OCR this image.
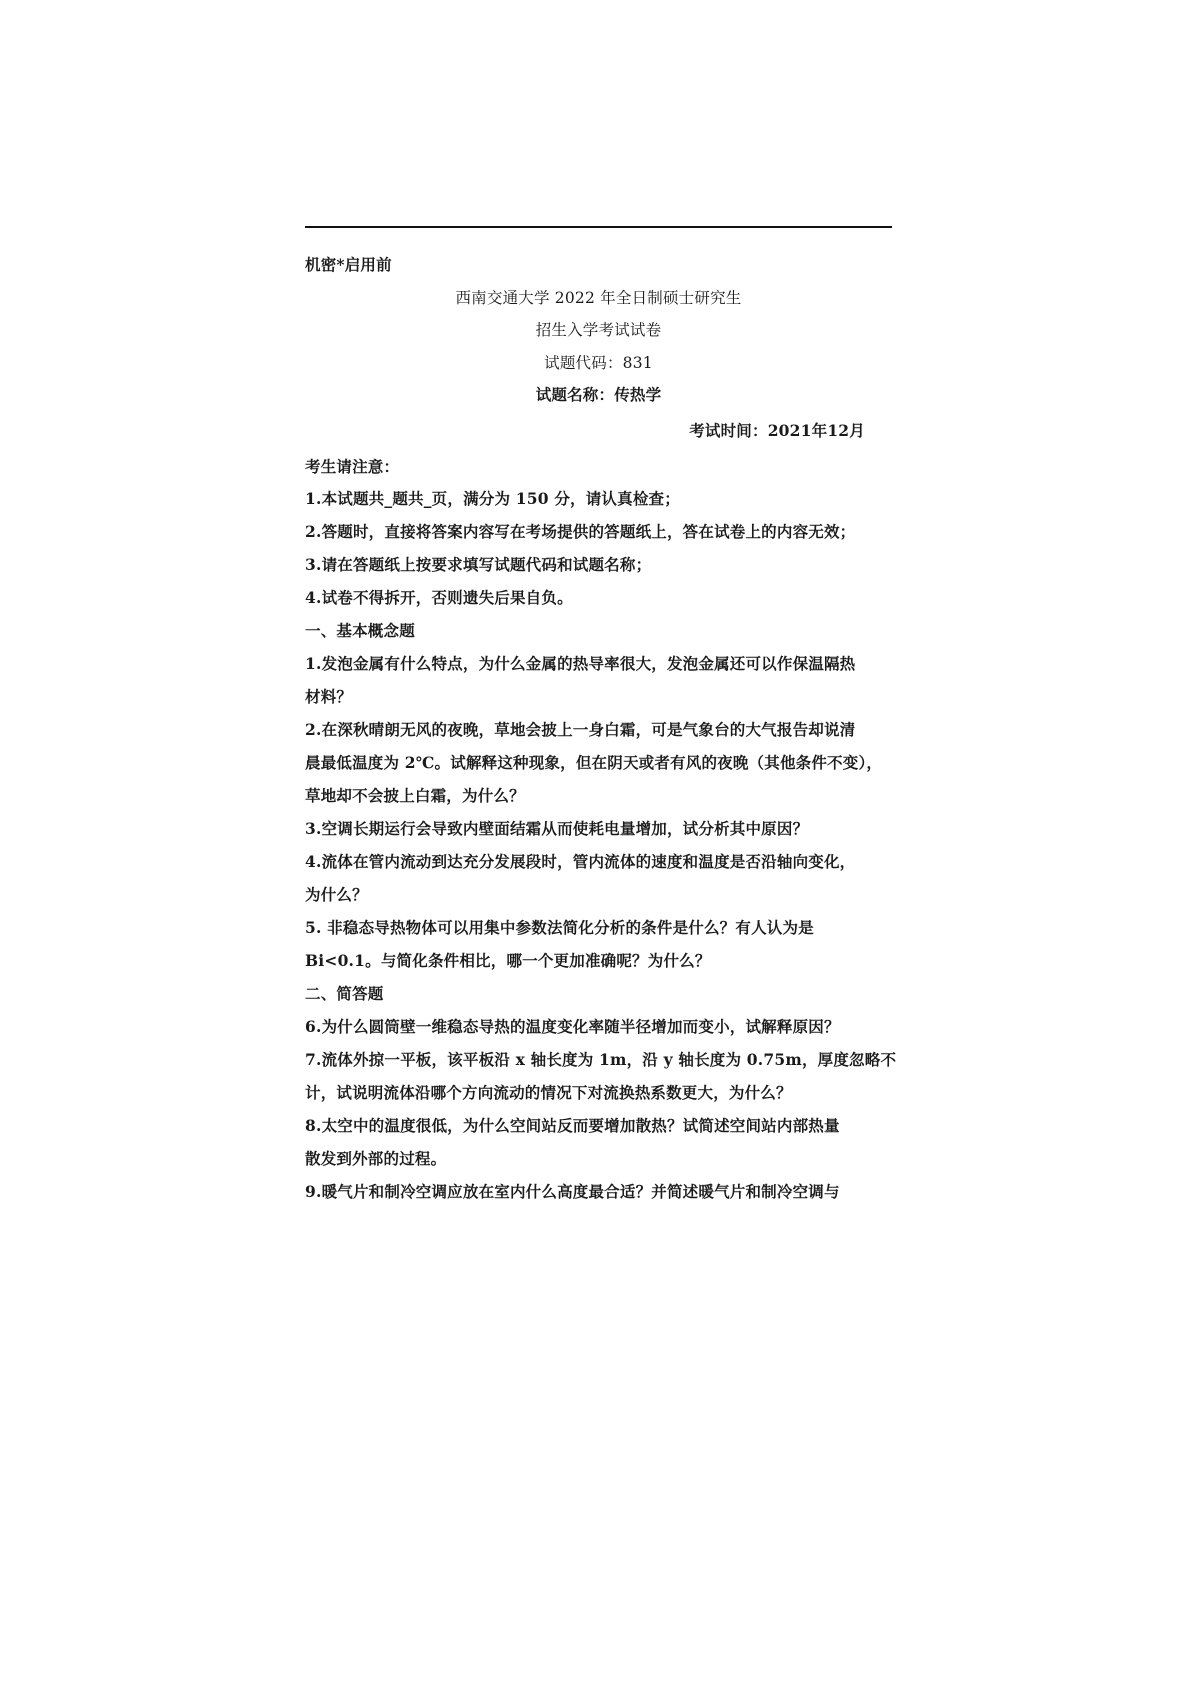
机密*启用前
西南交通大学 2022 年全日制硕士研究生
招生入学考试试卷
试题代码：831
试题名称：传热学
考试时间：2021年12月
考生请注意：
1.本试题共_题共_页，满分为 150 分，请认真检查；
2.答题时，直接将答案内容写在考场提供的答题纸上，答在试卷上的内容无效；
3.请在答题纸上按要求填写试题代码和试题名称；
4.试卷不得拆开，否则遗失后果自负。
一、基本概念题
1.发泡金属有什么特点，为什么金属的热导率很大，发泡金属还可以作保温隔热
材料？
2.在深秋晴朗无风的夜晚，草地会披上一身白霜，可是气象台的大气报告却说清
晨最低温度为 2℃。试解释这种现象，但在阴天或者有风的夜晚（其他条件不变），
草地却不会披上白霜，为什么？
3.空调长期运行会导致内壁面结霜从而使耗电量增加，试分析其中原因？
4.流体在管内流动到达充分发展段时，管内流体的速度和温度是否沿轴向变化，
为什么？
5. 非稳态导热物体可以用集中参数法简化分析的条件是什么？有人认为是
Bi<0.1。与简化条件相比，哪一个更加准确呢？为什么？
二、简答题
6.为什么圆筒壁一维稳态导热的温度变化率随半径增加而变小，试解释原因？
7.流体外掠一平板，该平板沿 x 轴长度为 1m，沿 y 轴长度为 0.75m，厚度忽略不
计，试说明流体沿哪个方向流动的情况下对流换热系数更大，为什么？
8.太空中的温度很低，为什么空间站反而要增加散热？试简述空间站内部热量
散发到外部的过程。
9.暖气片和制冷空调应放在室内什么高度最合适？并简述暖气片和制冷空调与
